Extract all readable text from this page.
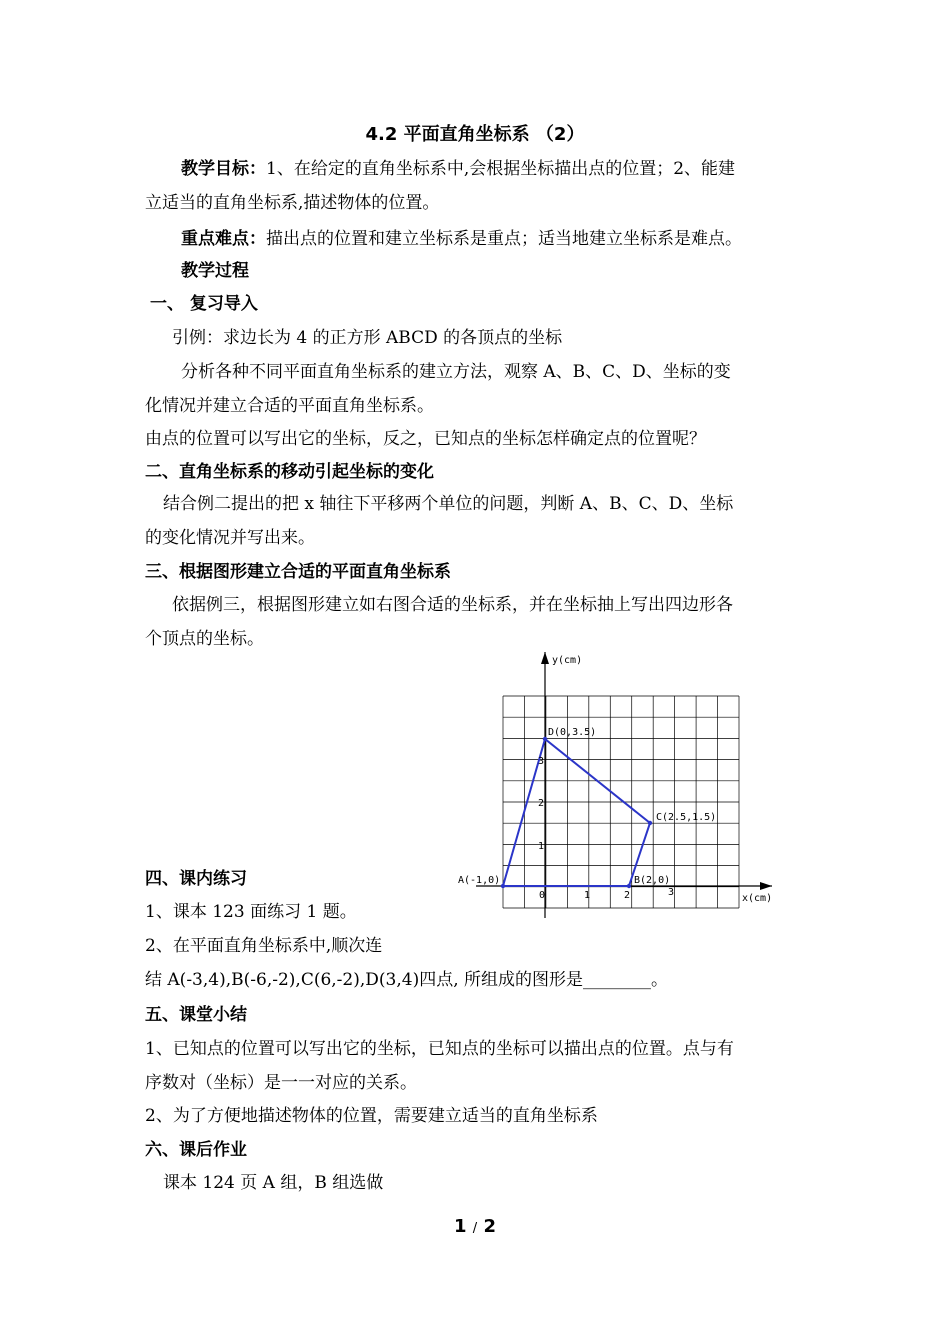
4.2 平面直角坐标系 （2）
教学目标：1、在给定的直角坐标系中,会根据坐标描出点的位置；2、能建
立适当的直角坐标系,描述物体的位置。
重点难点：描出点的位置和建立坐标系是重点；适当地建立坐标系是难点。
教学过程
一、 复习导入
引例：求边长为 4 的正方形 ABCD 的各顶点的坐标
分析各种不同平面直角坐标系的建立方法，观察 A、B、C、D、坐标的变
化情况并建立合适的平面直角坐标系。
由点的位置可以写出它的坐标，反之，已知点的坐标怎样确定点的位置呢？
二、直角坐标系的移动引起坐标的变化
结合例二提出的把 x 轴往下平移两个单位的问题，判断 A、B、C、D、坐标
的变化情况并写出来。
三、根据图形建立合适的平面直角坐标系
依据例三，根据图形建立如右图合适的坐标系，并在坐标抽上写出四边形各
个顶点的坐标。
y(cm)
x(cm)
0	1	2	3
1
2
3
A(-1,0)	B(2,0)
C(2.5,1.5)
D(0,3.5)
四、课内练习
1、课本 123 面练习 1 题。
2、在平面直角坐标系中,顺次连
结 A(-3,4),B(-6,-2),C(6,-2),D(3,4)四点, 所组成的图形是________。
五、课堂小结
1、已知点的位置可以写出它的坐标，已知点的坐标可以描出点的位置。点与有
序数对（坐标）是一一对应的关系。
2、为了方便地描述物体的位置，需要建立适当的直角坐标系
六、课后作业
课本 124 页 A 组，B 组选做
1 / 2
